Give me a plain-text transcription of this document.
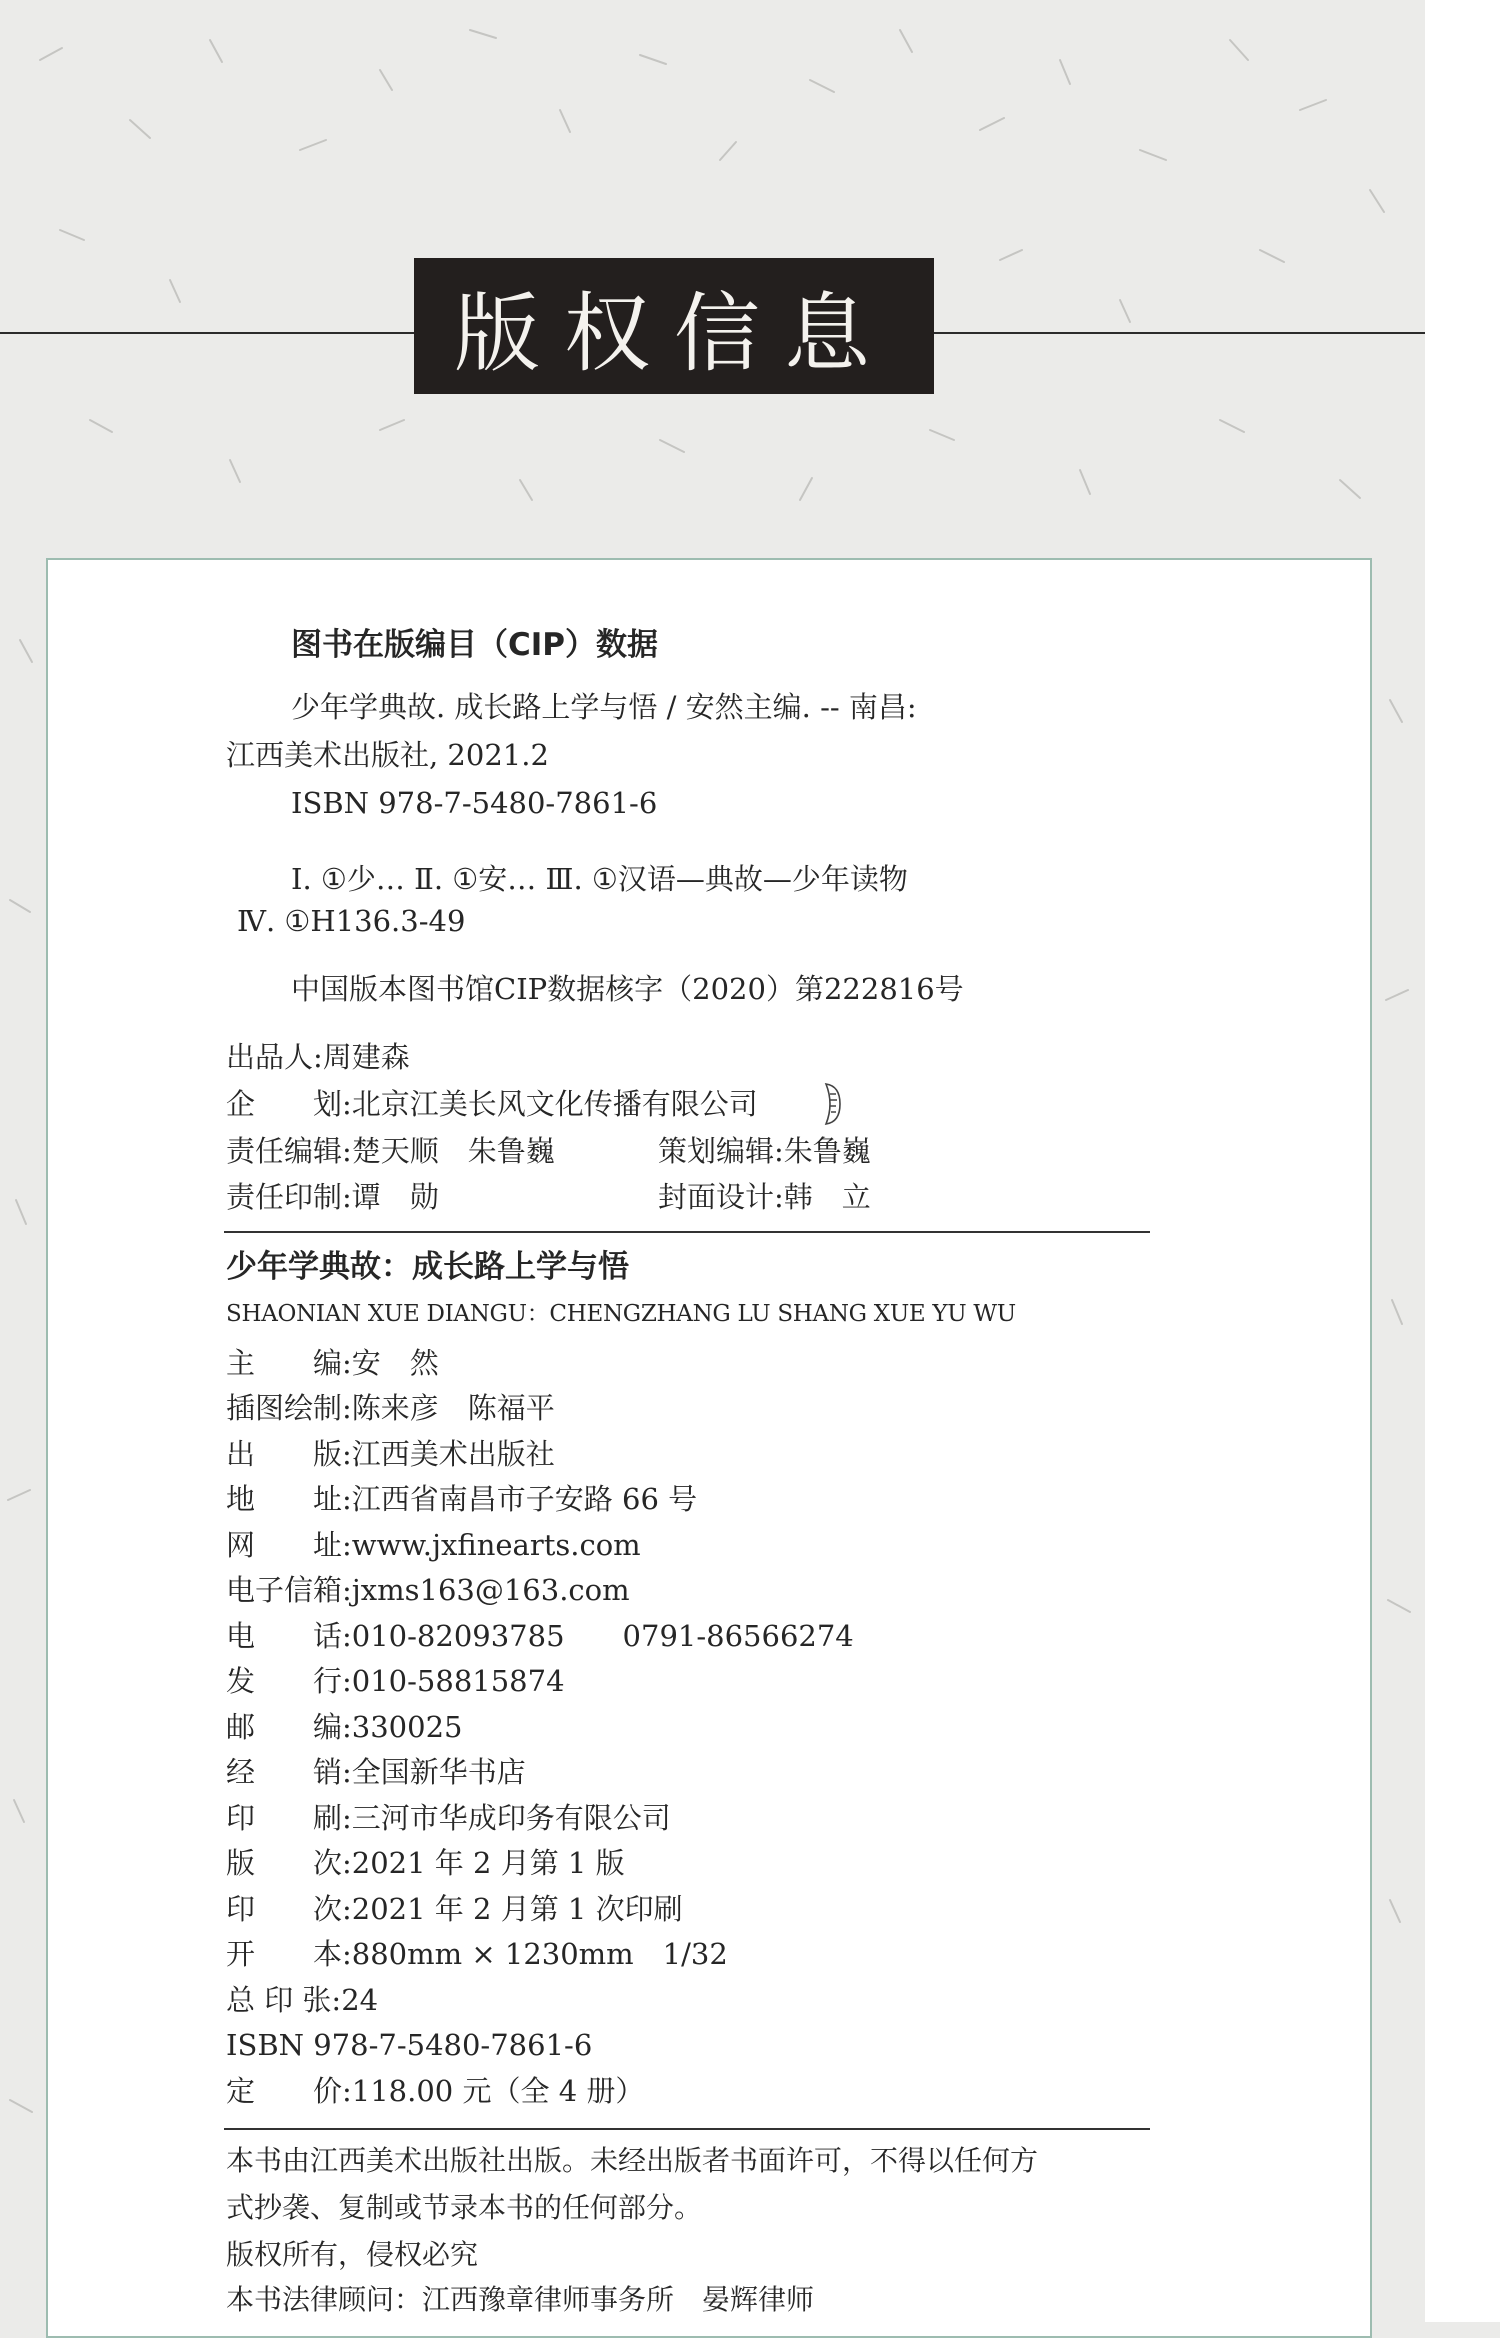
版权信息
图书在版编目（CIP）数据
少年学典故. 成长路上学与悟 / 安然主编. -- 南昌:
江西美术出版社, 2021.2
ISBN 978-7-5480-7861-6
Ⅰ. ①少… Ⅱ. ①安… Ⅲ. ①汉语—典故—少年读物
Ⅳ. ①H136.3-49
中国版本图书馆CIP数据核字（2020）第222816号
出品人: 周建森
企　　划: 北京江美长风文化传播有限公司
责任编辑: 楚天顺　朱鲁巍	策划编辑: 朱鲁巍
责任印制: 谭　勋	封面设计: 韩　立
少年学典故：成长路上学与悟
SHAONIAN XUE DIANGU：CHENGZHANG LU SHANG XUE YU WU
主　　编: 安　然
插图绘制: 陈来彦　陈福平
出　　版: 江西美术出版社
地　　址: 江西省南昌市子安路 66 号
网　　址: www.jxfinearts.com
电子信箱: jxms163@163.com
电　　话: 010-82093785　　0791-86566274
发　　行: 010-58815874
邮　　编: 330025
经　　销: 全国新华书店
印　　刷: 三河市华成印务有限公司
版　　次: 2021 年 2 月第 1 版
印　　次: 2021 年 2 月第 1 次印刷
开　　本: 880mm × 1230mm　1/32
总 印 张: 24
ISBN 978-7-5480-7861-6
定　　价: 118.00 元（全 4 册）
本书由江西美术出版社出版。未经出版者书面许可，不得以任何方
式抄袭、复制或节录本书的任何部分。
版权所有，侵权必究
本书法律顾问：江西豫章律师事务所　晏辉律师
